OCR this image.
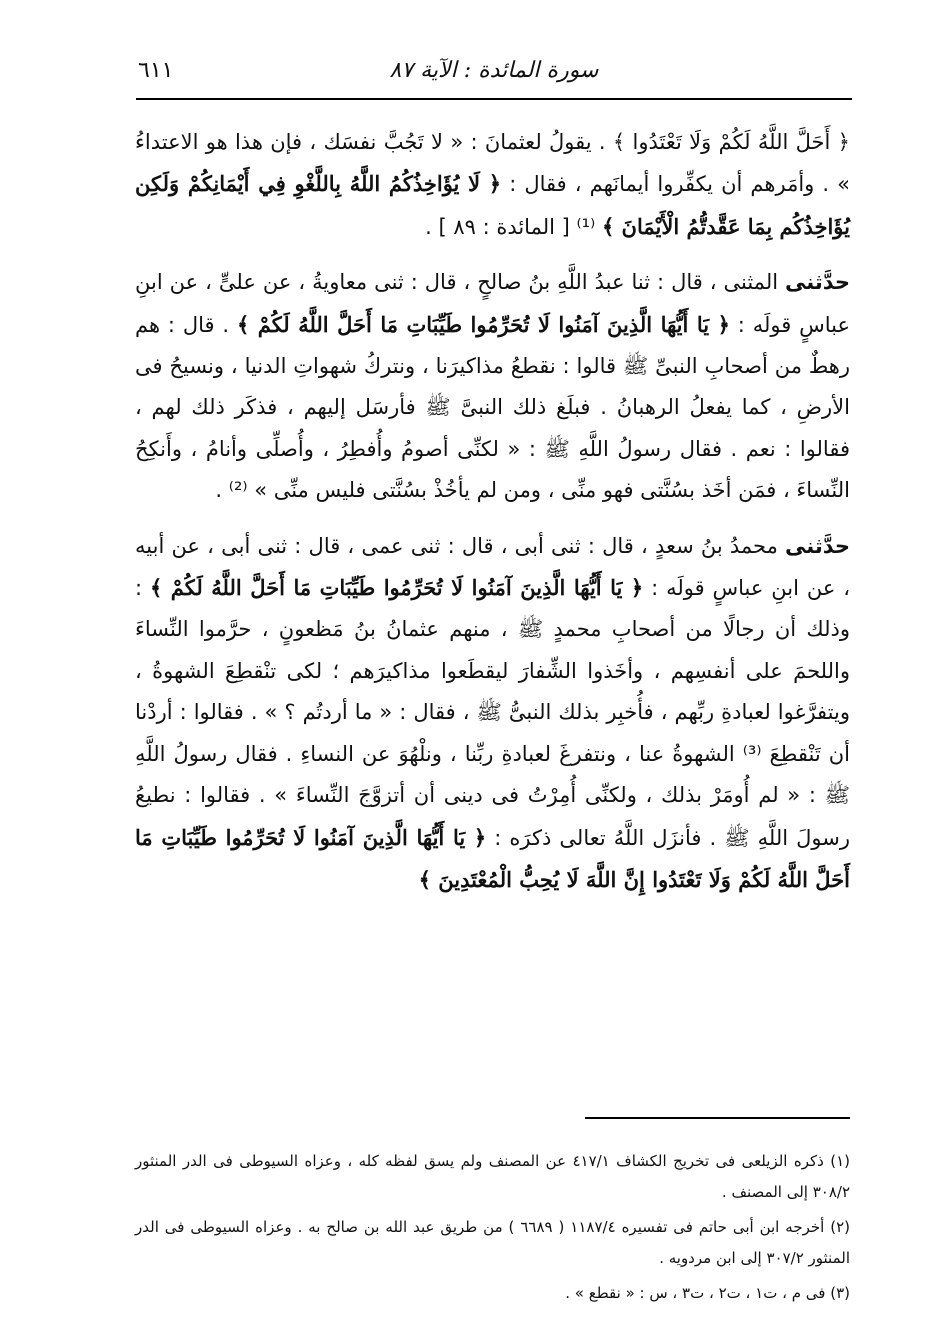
٦١١	سورة المائدة : الآية ٨٧

﴿ أَحَلَّ اللَّهُ لَكُمْ وَلَا تَعْتَدُوا ﴾ . يقولُ لعثمانَ : « لا تَجُبَّ نفسَك ، فإن هذا هو الاعتداءُ » . وأمَرهم أن يكفِّروا أيمانَهم ، فقال : ﴿ لَا يُؤَاخِذُكُمُ اللَّهُ بِاللَّغْوِ فِي أَيْمَانِكُمْ وَلَكِن يُؤَاخِذُكُم بِمَا عَقَّدتُّمُ الْأَيْمَانَ ﴾ ⁽¹⁾ [ المائدة : ٨٩ ] .

حدَّثنى المثنى ، قال : ثنا عبدُ اللَّهِ بنُ صالحٍ ، قال : ثنى معاويةُ ، عن علىٍّ ، عن ابنِ عباسٍ قولَه : ﴿ يَا أَيُّهَا الَّذِينَ آمَنُوا لَا تُحَرِّمُوا طَيِّبَاتِ مَا أَحَلَّ اللَّهُ لَكُمْ ﴾ . قال : هم رهطٌ من أصحابِ النبىِّ ﷺ قالوا : نقطعُ مذاكيرَنا ، ونتركُ شهواتِ الدنيا ، ونسيحُ فى الأرضِ ، كما يفعلُ الرهبانُ . فبلَغ ذلك النبىَّ ﷺ فأرسَل إليهم ، فذكَر ذلك لهم ، فقالوا : نعم . فقال رسولُ اللَّهِ ﷺ : « لكنِّى أصومُ وأُفطِرُ ، وأُصلِّى وأنامُ ، وأَنكِحُ النِّساءَ ، فمَن أخَذ بسُنَّتى فهو منِّى ، ومن لم يأخُذْ بسُنَّتى فليس منِّى » ⁽²⁾ .

حدَّثنى محمدُ بنُ سعدٍ ، قال : ثنى أبى ، قال : ثنى عمى ، قال : ثنى أبى ، عن أبيه ، عن ابنِ عباسٍ قولَه : ﴿ يَا أَيُّهَا الَّذِينَ آمَنُوا لَا تُحَرِّمُوا طَيِّبَاتِ مَا أَحَلَّ اللَّهُ لَكُمْ ﴾ : وذلك أن رجالًا من أصحابِ محمدٍ ﷺ ، منهم عثمانُ بنُ مَظعونٍ ، حرَّموا النِّساءَ واللحمَ على أنفسِهم ، وأخَذوا الشِّفارَ ليقطَعوا مذاكيرَهم ؛ لكى تنْقطِعَ الشهوةُ ، ويتفرَّغوا لعبادةِ ربِّهم ، فأُخبِر بذلك النبىُّ ﷺ ، فقال : « ما أردتُم ؟ » . فقالوا : أردْنا أن تَنْقطِعَ ⁽³⁾ الشهوةُ عنا ، ونتفرغَ لعبادةِ ربِّنا ، ونلْهُوَ عن النساءِ . فقال رسولُ اللَّهِ ﷺ : « لم أُومَرْ بذلك ، ولكنِّى أُمِرْتُ فى دينى أن أتزوَّجَ النِّساءَ » . فقالوا : نطيعُ رسولَ اللَّهِ ﷺ . فأنزَل اللَّهُ تعالى ذكرَه : ﴿ يَا أَيُّهَا الَّذِينَ آمَنُوا لَا تُحَرِّمُوا طَيِّبَاتِ مَا أَحَلَّ اللَّهُ لَكُمْ وَلَا تَعْتَدُوا إِنَّ اللَّهَ لَا يُحِبُّ الْمُعْتَدِينَ ﴾

(١) ذكره الزيلعى فى تخريج الكشاف ٤١٧/١ عن المصنف ولم يسق لفظه كله ، وعزاه السيوطى فى الدر المنثور ٣٠٨/٢ إلى المصنف .

(٢) أخرجه ابن أبى حاتم فى تفسيره ١١٨٧/٤ ( ٦٦٨٩ ) من طريق عبد الله بن صالح به . وعزاه السيوطى فى الدر المنثور ٣٠٧/٢ إلى ابن مردويه .

(٣) فى م ، ت١ ، ت٢ ، ت٣ ، س : « نقطع » .
